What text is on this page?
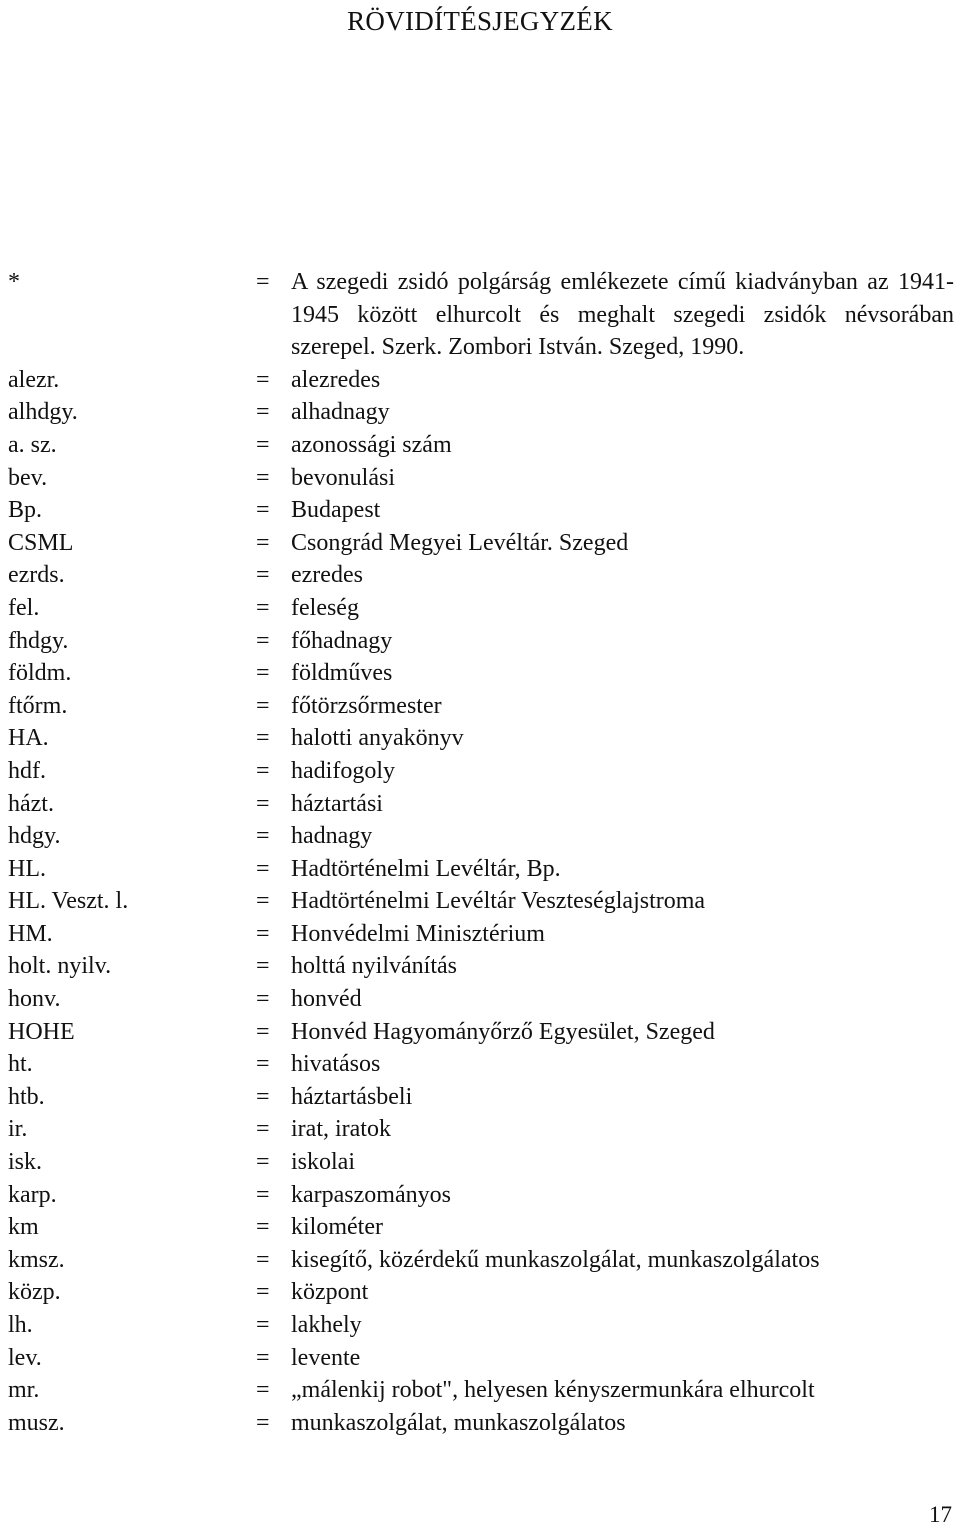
RÖVIDÍTÉSJEGYZÉK
*	= A szegedi zsidó polgárság emlékezete című kiadványban az 1941-1945 között elhurcolt és meghalt szegedi zsidók névsorában szerepel. Szerk. Zombori István. Szeged, 1990.
alezr.	= alezredes
alhdgy.	= alhadnagy
a. sz.	= azonossági szám
bev.	= bevonulási
Bp.	= Budapest
CSML	= Csongrád Megyei Levéltár. Szeged
ezrds.	= ezredes
fel.	= feleség
fhdgy.	= főhadnagy
földm.	= földműves
ftőrm.	= főtörzsőrmester
HA.	= halotti anyakönyv
hdf.	= hadifogoly
házt.	= háztartási
hdgy.	= hadnagy
HL.	= Hadtörténelmi Levéltár, Bp.
HL. Veszt. l.	= Hadtörténelmi Levéltár Veszteséglajstroma
HM.	= Honvédelmi Minisztérium
holt. nyilv.	= holttá nyilvánítás
honv.	= honvéd
HOHE	= Honvéd Hagyományőrző Egyesület, Szeged
ht.	= hivatásos
htb.	= háztartásbeli
ir.	= irat, iratok
isk.	= iskolai
karp.	= karpaszományos
km	= kilométer
kmsz.	= kisegítő, közérdekű munkaszolgálat, munkaszolgálatos
közp.	= központ
lh.	= lakhely
lev.	= levente
mr.	= „málenkij robot", helyesen kényszermunkára elhurcolt
musz.	= munkaszolgálat, munkaszolgálatos
17
